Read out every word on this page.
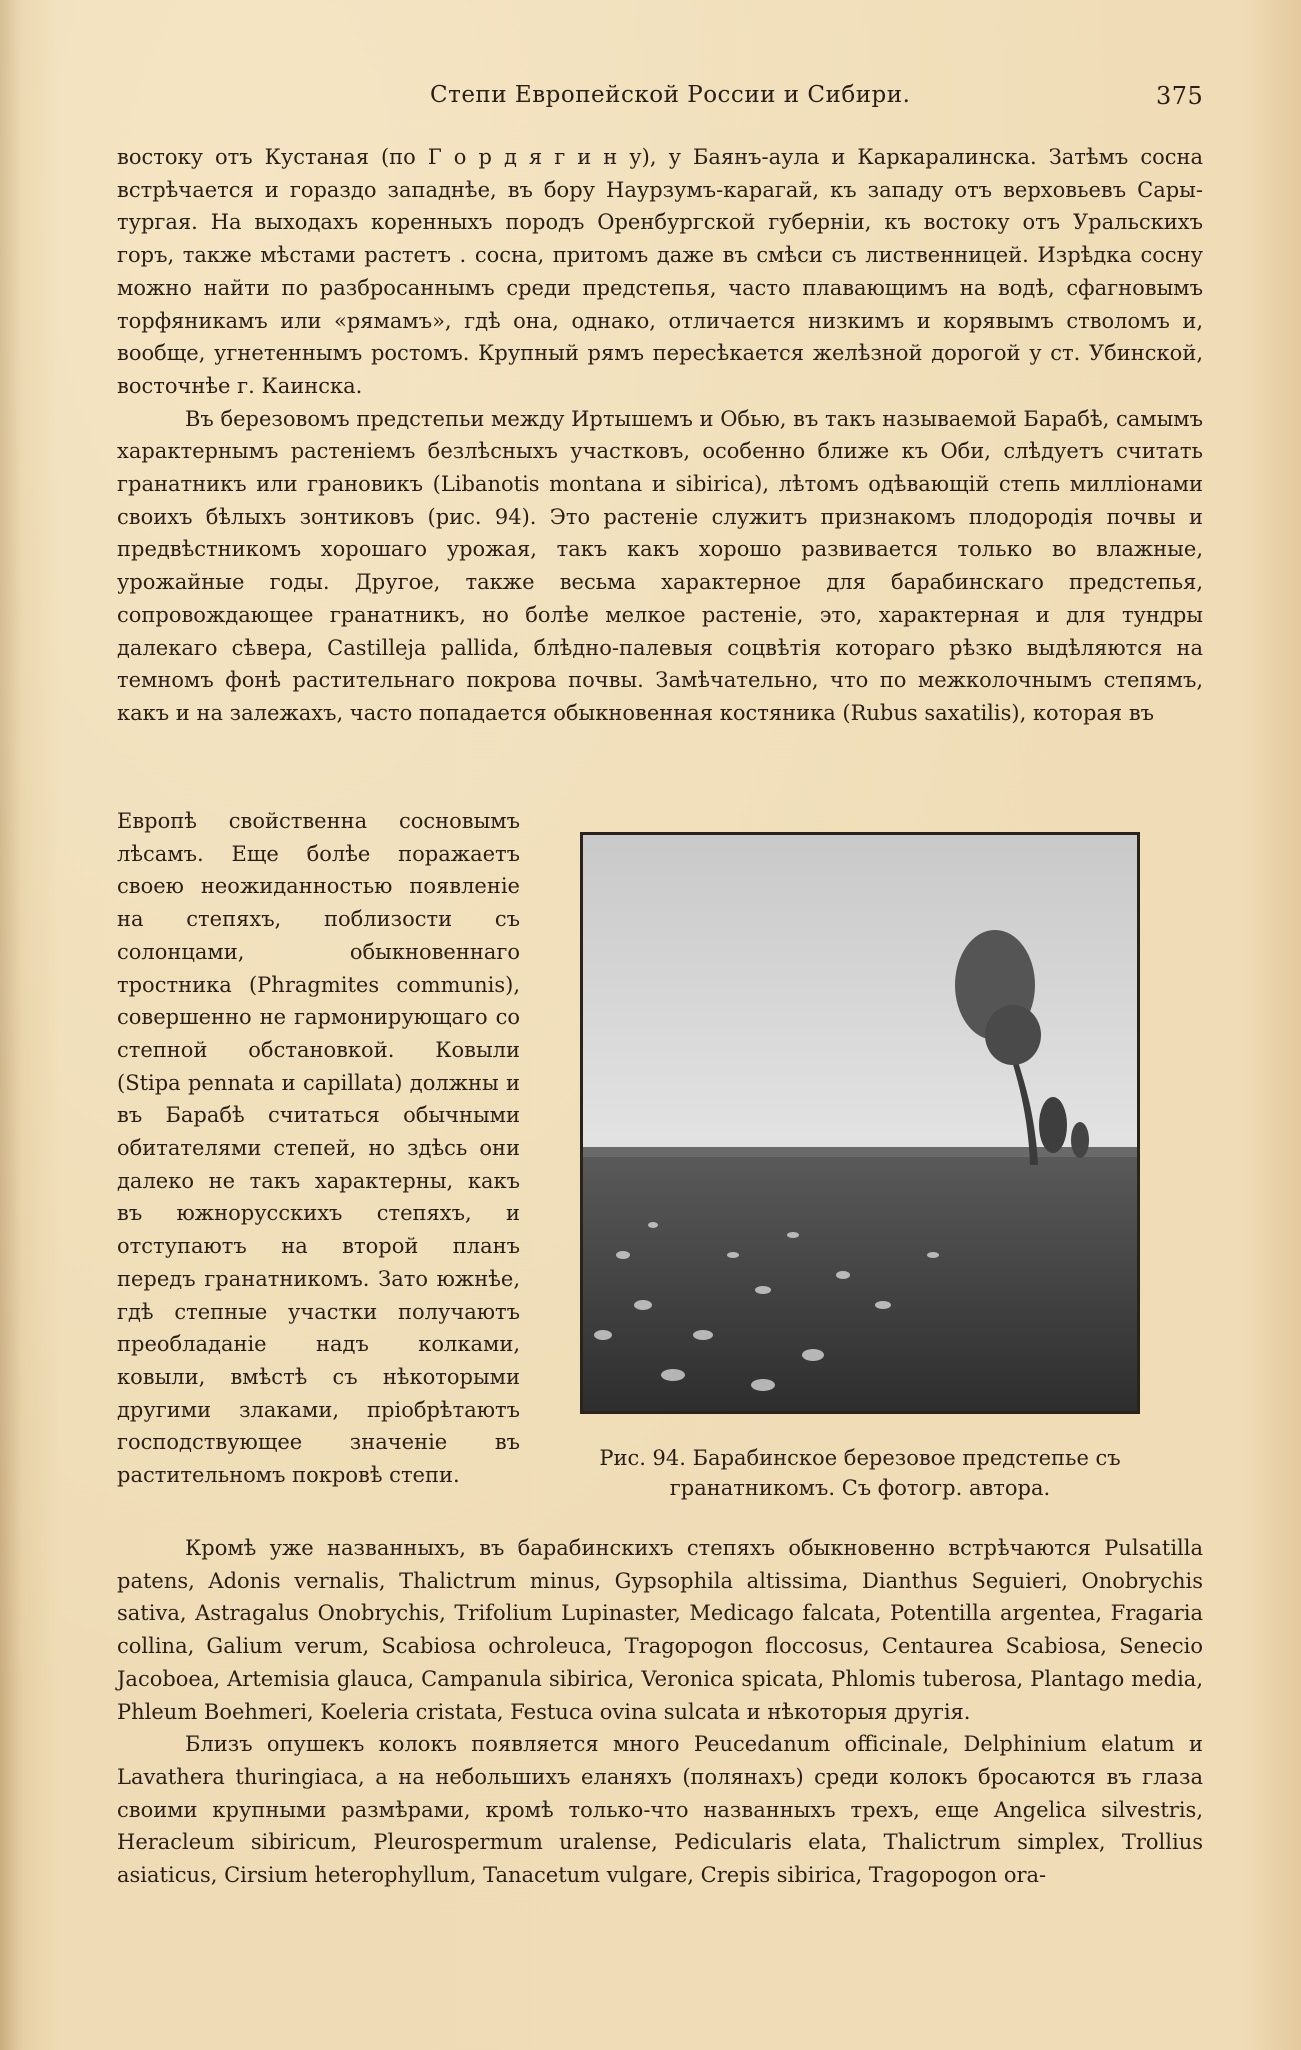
Степи Европейской России и Сибири.	375

востоку отъ Кустаная (по Г о р д я г и н у), у Баянъ-аула и Каркаралинска. Затѣмъ сосна встрѣчается и гораздо западнѣе, въ бору Наурзумъ-карагай, къ западу отъ верховьевъ Сары-тургая. На выходахъ коренныхъ породъ Оренбургской губерніи, къ востоку отъ Уральскихъ горъ, также мѣстами растетъ . сосна, притомъ даже въ смѣси съ лиственницей. Изрѣдка сосну можно найти по разбросаннымъ среди предстепья, часто плавающимъ на водѣ, сфагновымъ торфяникамъ или «рямамъ», гдѣ она, однако, отличается низкимъ и корявымъ стволомъ и, вообще, угнетеннымъ ростомъ. Крупный рямъ пересѣкается желѣзной дорогой у ст. Убинской, восточнѣе г. Каинска.

Въ березовомъ предстепьи между Иртышемъ и Обью, въ такъ называемой Барабѣ, самымъ характернымъ растеніемъ безлѣсныхъ участковъ, особенно ближе къ Оби, слѣдуетъ считать гранатникъ или грановикъ (Libanotis montana и sibirica), лѣтомъ одѣвающій степь милліонами своихъ бѣлыхъ зонтиковъ (рис. 94). Это растеніе служитъ признакомъ плодородія почвы и предвѣстникомъ хорошаго урожая, такъ какъ хорошо развивается только во влажные, урожайные годы. Другое, также весьма характерное для барабинскаго предстепья, сопровождающее гранатникъ, но болѣе мелкое растеніе, это, характерная и для тундры далекаго сѣвера, Castilleja pallida, блѣдно-палевыя соцвѣтія котораго рѣзко выдѣляются на темномъ фонѣ растительнаго покрова почвы. Замѣчательно, что по межколочнымъ степямъ, какъ и на залежахъ, часто попадается обыкновенная костяника (Rubus saxatilis), которая въ

Европѣ свойственна сосновымъ лѣсамъ. Еще болѣе поражаетъ своею неожиданностью появленіе на степяхъ, поблизости съ солонцами, обыкновеннаго тростника (Phragmites communis), совершенно не гармонирующаго со степной обстановкой. Ковыли (Stipa pennata и capillata) должны и въ Барабѣ считаться обычными обитателями степей, но здѣсь они далеко не такъ характерны, какъ въ южнорусскихъ степяхъ, и отступаютъ на второй планъ передъ гранатникомъ. Зато южнѣе, гдѣ степные участки получаютъ преобладаніе надъ колками, ковыли, вмѣстѣ съ нѣкоторыми другими злаками, пріобрѣтаютъ господствующее значеніе въ растительномъ покровѣ степи.

Рис. 94. Барабинское березовое предстепье съ
гранатникомъ. Съ фотогр. автора.

Кромѣ уже названныхъ, въ барабинскихъ степяхъ обыкновенно встрѣчаются Pulsatilla patens, Adonis vernalis, Thalictrum minus, Gypsophila altissima, Dianthus Seguieri, Onobrychis sativa, Astragalus Onobrychis, Trifolium Lupinaster, Medicago falcata, Potentilla argentea, Fragaria collina, Galium verum, Scabiosa ochroleuca, Tragopogon floccosus, Centaurea Scabiosa, Senecio Jacoboea, Artemisia glauca, Campanula sibirica, Veronica spicata, Phlomis tuberosa, Plantago media, Phleum Boehmeri, Koeleria cristata, Festuca ovina sulcata и нѣкоторыя другія.

Близъ опушекъ колокъ появляется много Peucedanum officinale, Delphinium elatum и Lavathera thuringiaca, а на небольшихъ еланяхъ (полянахъ) среди колокъ бросаются въ глаза своими крупными размѣрами, кромѣ только-что названныхъ трехъ, еще Angelica silvestris, Heracleum sibiricum, Pleurospermum uralense, Pedicularis elata, Thalictrum simplex, Trollius asiaticus, Cirsium heterophyllum, Tanacetum vulgare, Crepis sibirica, Tragopogon ora-
